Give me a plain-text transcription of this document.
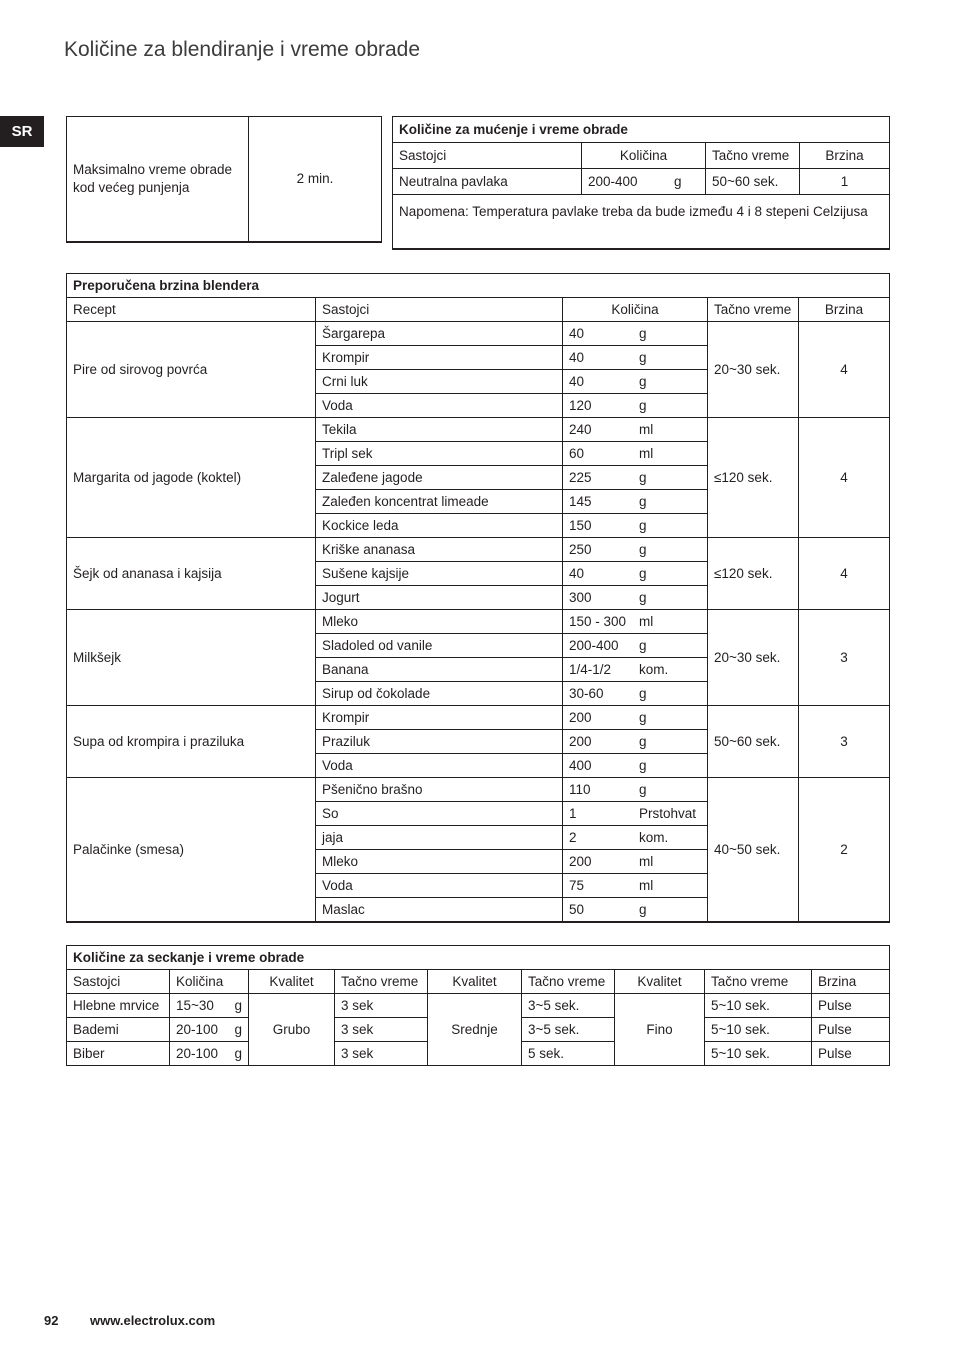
Količine za blendiranje i vreme obrade
SR
Maksimalno vreme obrade kod većeg punjenja	2 min.
Količine za mućenje i vreme obrade			
Sastojci	Količina	Tačno vreme	Brzina
Neutralna pavlaka	200-400 g	50~60 sek.	1
Napomena: Temperatura pavlake treba da bude između 4 i 8 stepeni Celzijusa			
Preporučena brzina blendera				
Recept	Sastojci	Količina	Tačno vreme	Brzina
Pire od sirovog povrća	Šargarepa	40 g	20~30 sek.	4
	Krompir	40 g		
	Crni luk	40 g		
	Voda	120 g		
Margarita od jagode (koktel)	Tekila	240 ml	≤120 sek.	4
	Tripl sek	60 ml		
	Zaleđene jagode	225 g		
	Zaleđen koncentrat limeade	145 g		
	Kockice leda	150 g		
Šejk od ananasa i kajsija	Kriške ananasa	250 g	≤120 sek.	4
	Sušene kajsije	40 g		
	Jogurt	300 g		
Milkšejk	Mleko	150 - 300 ml	20~30 sek.	3
	Sladoled od vanile	200-400 g		
	Banana	1/4-1/2 kom.		
	Sirup od čokolade	30-60 g		
Supa od krompira i praziluka	Krompir	200 g	50~60 sek.	3
	Praziluk	200 g		
	Voda	400 g		
Palačinke (smesa)	Pšenično brašno	110 g	40~50 sek.	2
	So	1 Prstohvat		
	jaja	2 kom.		
	Mleko	200 ml		
	Voda	75 ml		
	Maslac	50 g		
Količine za seckanje i vreme obrade								
Sastojci	Količina	Kvalitet	Tačno vreme	Kvalitet	Tačno vreme	Kvalitet	Tačno vreme	Brzina
Hlebne mrvice	15~30 g	Grubo	3 sek	Srednje	3~5 sek.	Fino	5~10 sek.	Pulse
Bademi	20-100 g		3 sek		3~5 sek.		5~10 sek.	Pulse
Biber	20-100 g		3 sek		5 sek.		5~10 sek.	Pulse
92 www.electrolux.com
